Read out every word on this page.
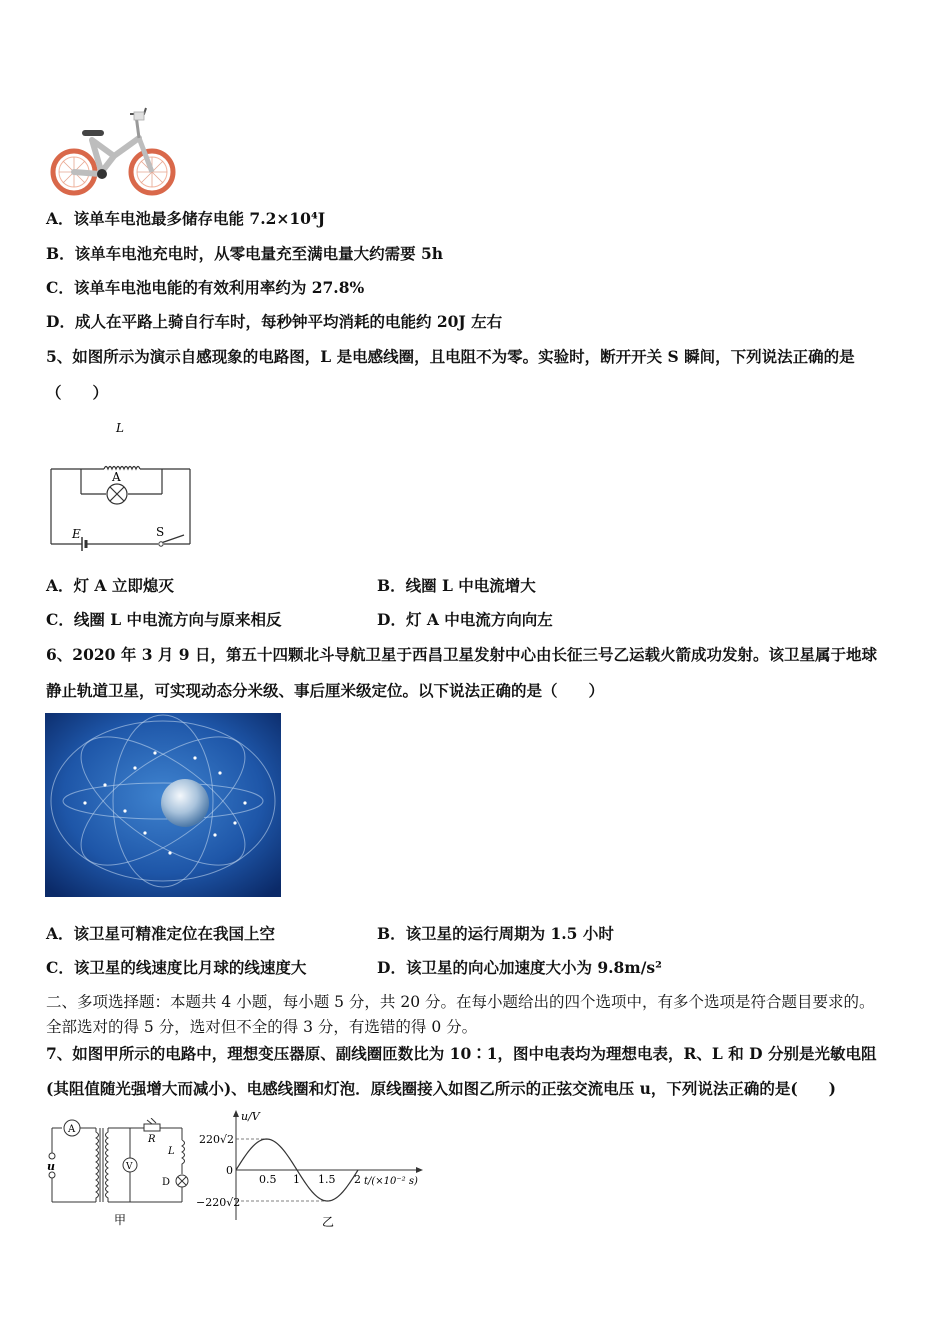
A．该单车电池最多储存电能 7.2×10⁴J
B．该单车电池充电时，从零电量充至满电量大约需要 5h
C．该单车电池电能的有效利用率约为 27.8%
D．成人在平路上骑自行车时，每秒钟平均消耗的电能约 20J 左右
5、如图所示为演示自感现象的电路图，L 是电感线圈，且电阻不为零。实验时，断开开关 S 瞬间，下列说法正确的是
（　　）
L
A
E	S
A．灯 A 立即熄灭	B．线圈 L 中电流增大
C．线圈 L 中电流方向与原来相反	D．灯 A 中电流方向向左
6、2020 年 3 月 9 日，第五十四颗北斗导航卫星于西昌卫星发射中心由长征三号乙运载火箭成功发射。该卫星属于地球
静止轨道卫星，可实现动态分米级、事后厘米级定位。以下说法正确的是（　　）
A．该卫星可精准定位在我国上空	B．该卫星的运行周期为 1.5 小时
C．该卫星的线速度比月球的线速度大	D．该卫星的向心加速度大小为 9.8m/s²
二、多项选择题：本题共 4 小题，每小题 5 分，共 20 分。在每小题给出的四个选项中，有多个选项是符合题目要求的。
全部选对的得 5 分，选对但不全的得 3 分，有选错的得 0 分。
7、如图甲所示的电路中，理想变压器原、副线圈匝数比为 10∶1，图中电表均为理想电表，R、L 和 D 分别是光敏电阻
(其阻值随光强增大而减小)、电感线圈和灯泡．原线圈接入如图乙所示的正弦交流电压 u，下列说法正确的是(　　)
A
V
u
R
L
D
甲
u/V
220√2
−220√2
0
0.5 1 1.5 2 t/(×10⁻² s)
乙
